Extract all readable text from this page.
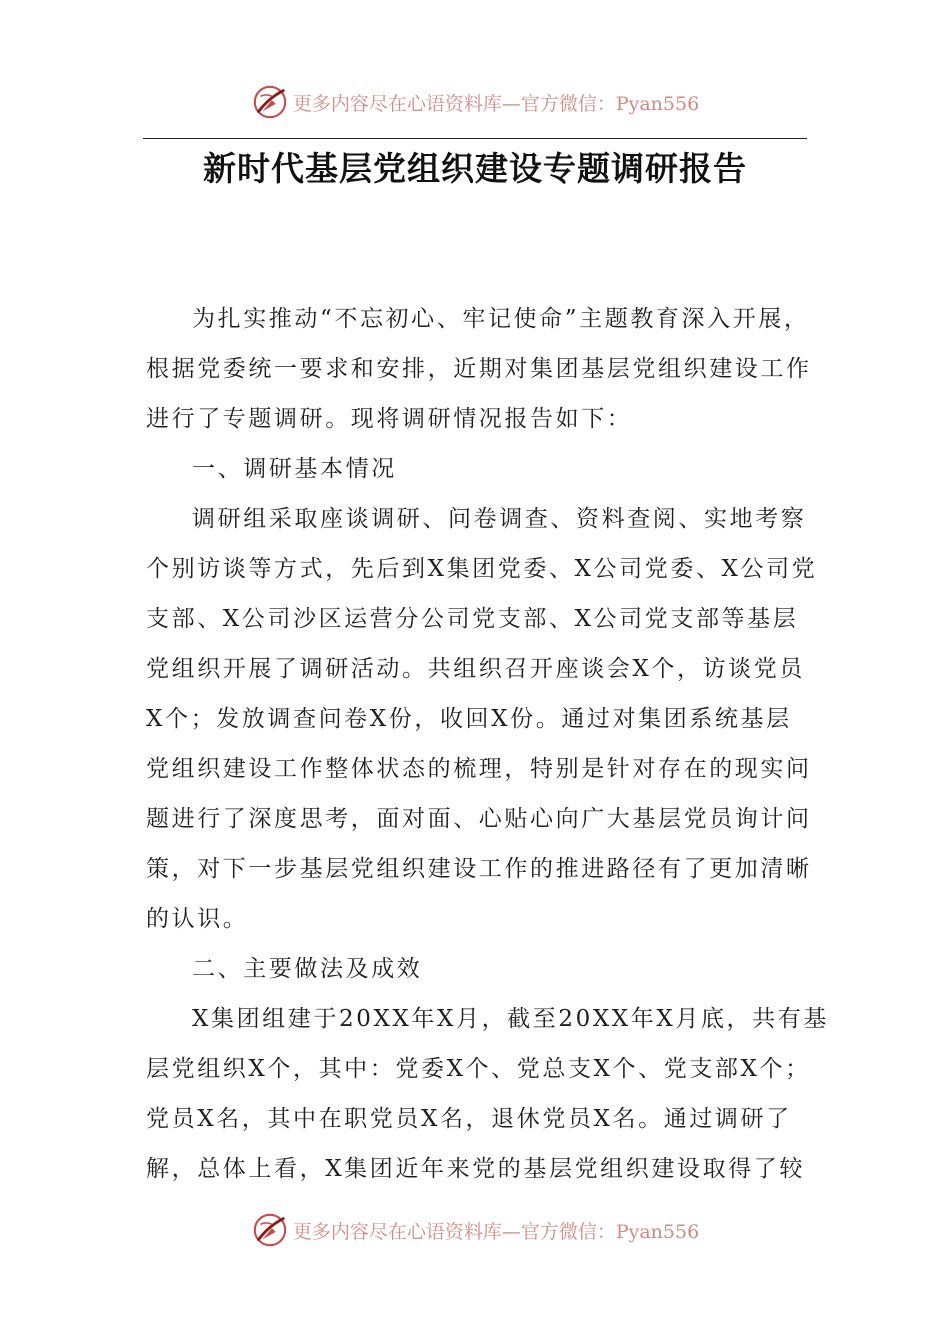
更多内容尽在心语资料库—官方微信：Pyan556
新时代基层党组织建设专题调研报告
为扎实推动“不忘初心、牢记使命”主题教育深入开展，
根据党委统一要求和安排，近期对集团基层党组织建设工作
进行了专题调研。现将调研情况报告如下：
一、调研基本情况
调研组采取座谈调研、问卷调查、资料查阅、实地考察
个别访谈等方式，先后到X集团党委、X公司党委、X公司党
支部、X公司沙区运营分公司党支部、X公司党支部等基层
党组织开展了调研活动。共组织召开座谈会X个，访谈党员
X个；发放调查问卷X份，收回X份。通过对集团系统基层
党组织建设工作整体状态的梳理，特别是针对存在的现实问
题进行了深度思考，面对面、心贴心向广大基层党员询计问
策，对下一步基层党组织建设工作的推进路径有了更加清晰
的认识。
二、主要做法及成效
X集团组建于20XX年X月，截至20XX年X月底，共有基
层党组织X个，其中：党委X个、党总支X个、党支部X个；
党员X名，其中在职党员X名，退休党员X名。通过调研了
解，总体上看，X集团近年来党的基层党组织建设取得了较
更多内容尽在心语资料库—官方微信：Pyan556
